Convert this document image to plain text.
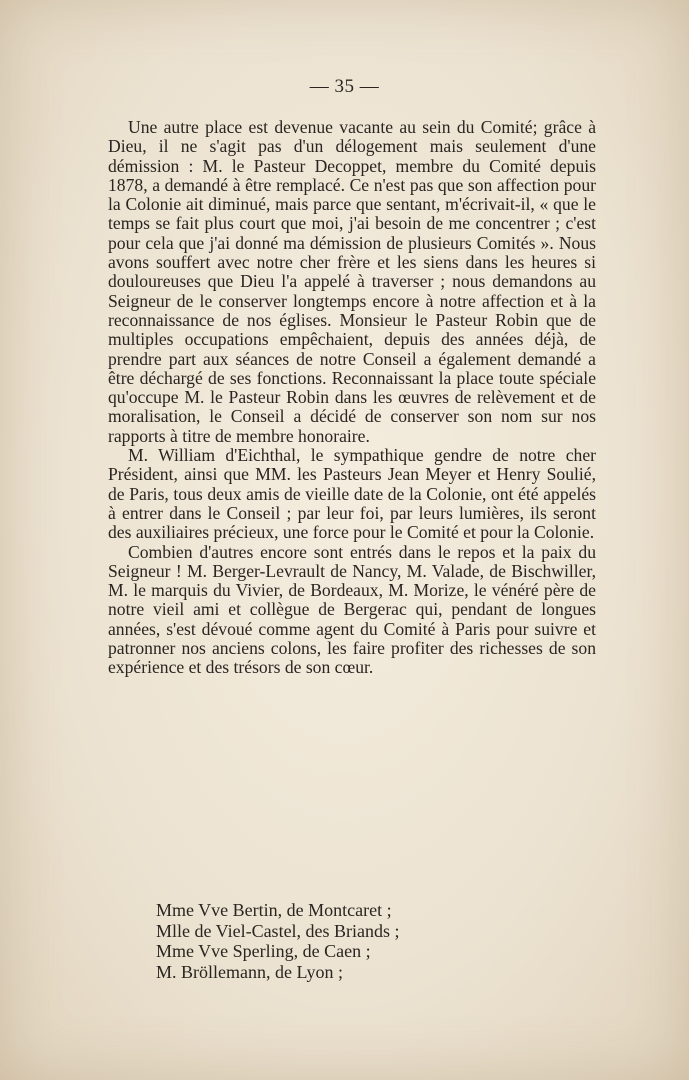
— 35 —

Une autre place est devenue vacante au sein du Comité; grâce à Dieu, il ne s'agit pas d'un délogement mais seulement d'une démission : M. le Pasteur Decoppet, membre du Comité depuis 1878, a demandé à être remplacé. Ce n'est pas que son affection pour la Colonie ait diminué, mais parce que sentant, m'écrivait-il, « que le temps se fait plus court que moi, j'ai besoin de me concentrer ; c'est pour cela que j'ai donné ma démission de plusieurs Comités ». Nous avons souffert avec notre cher frère et les siens dans les heures si douloureuses que Dieu l'a appelé à traverser ; nous demandons au Seigneur de le conserver longtemps encore à notre affection et à la reconnaissance de nos églises. Monsieur le Pasteur Robin que de multiples occupations empêchaient, depuis des années déjà, de prendre part aux séances de notre Conseil a également demandé a être déchargé de ses fonctions. Reconnaissant la place toute spéciale qu'occupe M. le Pasteur Robin dans les œuvres de relèvement et de moralisation, le Conseil a décidé de conserver son nom sur nos rapports à titre de membre honoraire.

M. William d'Eichthal, le sympathique gendre de notre cher Président, ainsi que MM. les Pasteurs Jean Meyer et Henry Soulié, de Paris, tous deux amis de vieille date de la Colonie, ont été appelés à entrer dans le Conseil ; par leur foi, par leurs lumières, ils seront des auxiliaires précieux, une force pour le Comité et pour la Colonie.

Combien d'autres encore sont entrés dans le repos et la paix du Seigneur ! M. Berger-Levrault de Nancy, M. Valade, de Bischwiller, M. le marquis du Vivier, de Bordeaux, M. Morize, le vénéré père de notre vieil ami et collègue de Bergerac qui, pendant de longues années, s'est dévoué comme agent du Comité à Paris pour suivre et patronner nos anciens colons, les faire profiter des richesses de son expérience et des trésors de son cœur.

Mme Vve Bertin, de Montcaret ;
Mlle de Viel-Castel, des Briands ;
Mme Vve Sperling, de Caen ;
M. Bröllemann, de Lyon ;
